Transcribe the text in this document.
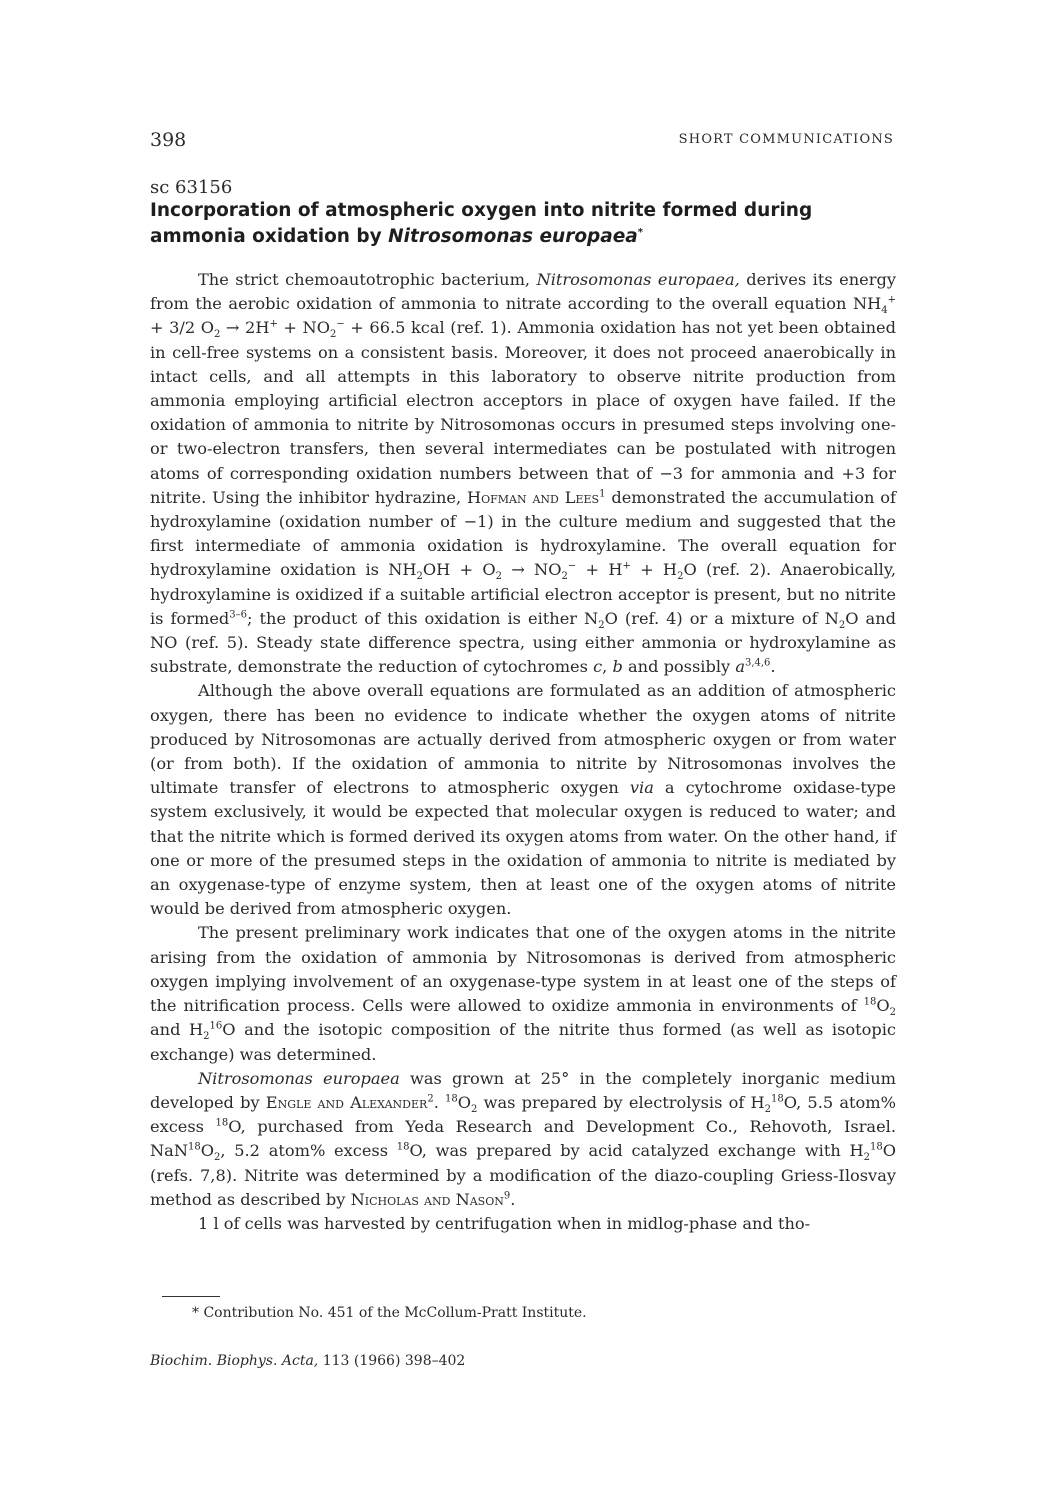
398	SHORT COMMUNICATIONS
sc 63156
Incorporation of atmospheric oxygen into nitrite formed during ammonia oxidation by Nitrosomonas europaea*

The strict chemoautotrophic bacterium, Nitrosomonas europaea, derives its energy from the aerobic oxidation of ammonia to nitrate according to the overall equation $NH_4^+ + 3/2$ $O_2 \to 2H^+ + NO_2^- + 66.5$ kcal (ref. 1). Ammonia oxidation has not yet been obtained in cell-free systems on a consistent basis. Moreover, it does not proceed anaerobically in intact cells, and all attempts in this laboratory to observe nitrite production from ammonia employing artificial electron acceptors in place of oxygen have failed. If the oxidation of ammonia to nitrite by Nitrosomonas occurs in presumed steps involving one- or two-electron transfers, then several intermediates can be postulated with nitrogen atoms of corresponding oxidation numbers between that of −3 for ammonia and +3 for nitrite. Using the inhibitor hydrazine, Hofman and Lees$^1$ demonstrated the accumulation of hydroxylamine (oxidation number of −1) in the culture medium and suggested that the first intermediate of ammonia oxidation is hydroxylamine. The overall equation for hydroxylamine oxidation is $NH_2OH + O_2 \to NO_2^- + H^+ + H_2O$ (ref. 2). Anaerobically, hydroxylamine is oxidized if a suitable artificial electron acceptor is present, but no nitrite is formed$^{3-6}$; the product of this oxidation is either $N_2O$ (ref. 4) or a mixture of $N_2O$ and NO (ref. 5). Steady state difference spectra, using either ammonia or hydroxylamine as substrate, demonstrate the reduction of cytochromes c, b and possibly $a^{3,4,6}$.

Although the above overall equations are formulated as an addition of atmospheric oxygen, there has been no evidence to indicate whether the oxygen atoms of nitrite produced by Nitrosomonas are actually derived from atmospheric oxygen or from water (or from both). If the oxidation of ammonia to nitrite by Nitrosomonas involves the ultimate transfer of electrons to atmospheric oxygen via a cytochrome oxidase-type system exclusively, it would be expected that molecular oxygen is reduced to water; and that the nitrite which is formed derived its oxygen atoms from water. On the other hand, if one or more of the presumed steps in the oxidation of ammonia to nitrite is mediated by an oxygenase-type of enzyme system, then at least one of the oxygen atoms of nitrite would be derived from atmospheric oxygen.

The present preliminary work indicates that one of the oxygen atoms in the nitrite arising from the oxidation of ammonia by Nitrosomonas is derived from atmospheric oxygen implying involvement of an oxygenase-type system in at least one of the steps of the nitrification process. Cells were allowed to oxidize ammonia in environments of $^{18}O_2$ and $H_2^{16}O$ and the isotopic composition of the nitrite thus formed (as well as isotopic exchange) was determined.

Nitrosomonas europaea was grown at 25° in the completely inorganic medium developed by Engle and Alexander$^2$. $^{18}O_2$ was prepared by electrolysis of $H_2^{18}O$, 5.5 atom% excess $^{18}$O, purchased from Yeda Research and Development Co., Rehovoth, Israel. $NaN^{18}O_2$, 5.2 atom% excess $^{18}$O, was prepared by acid catalyzed exchange with $H_2^{18}O$ (refs. 7,8). Nitrite was determined by a modification of the diazo-coupling Griess-Ilosvay method as described by Nicholas and Nason$^9$.

1 l of cells was harvested by centrifugation when in midlog-phase and tho-

* Contribution No. 451 of the McCollum-Pratt Institute.
Biochim. Biophys. Acta, 113 (1966) 398–402
